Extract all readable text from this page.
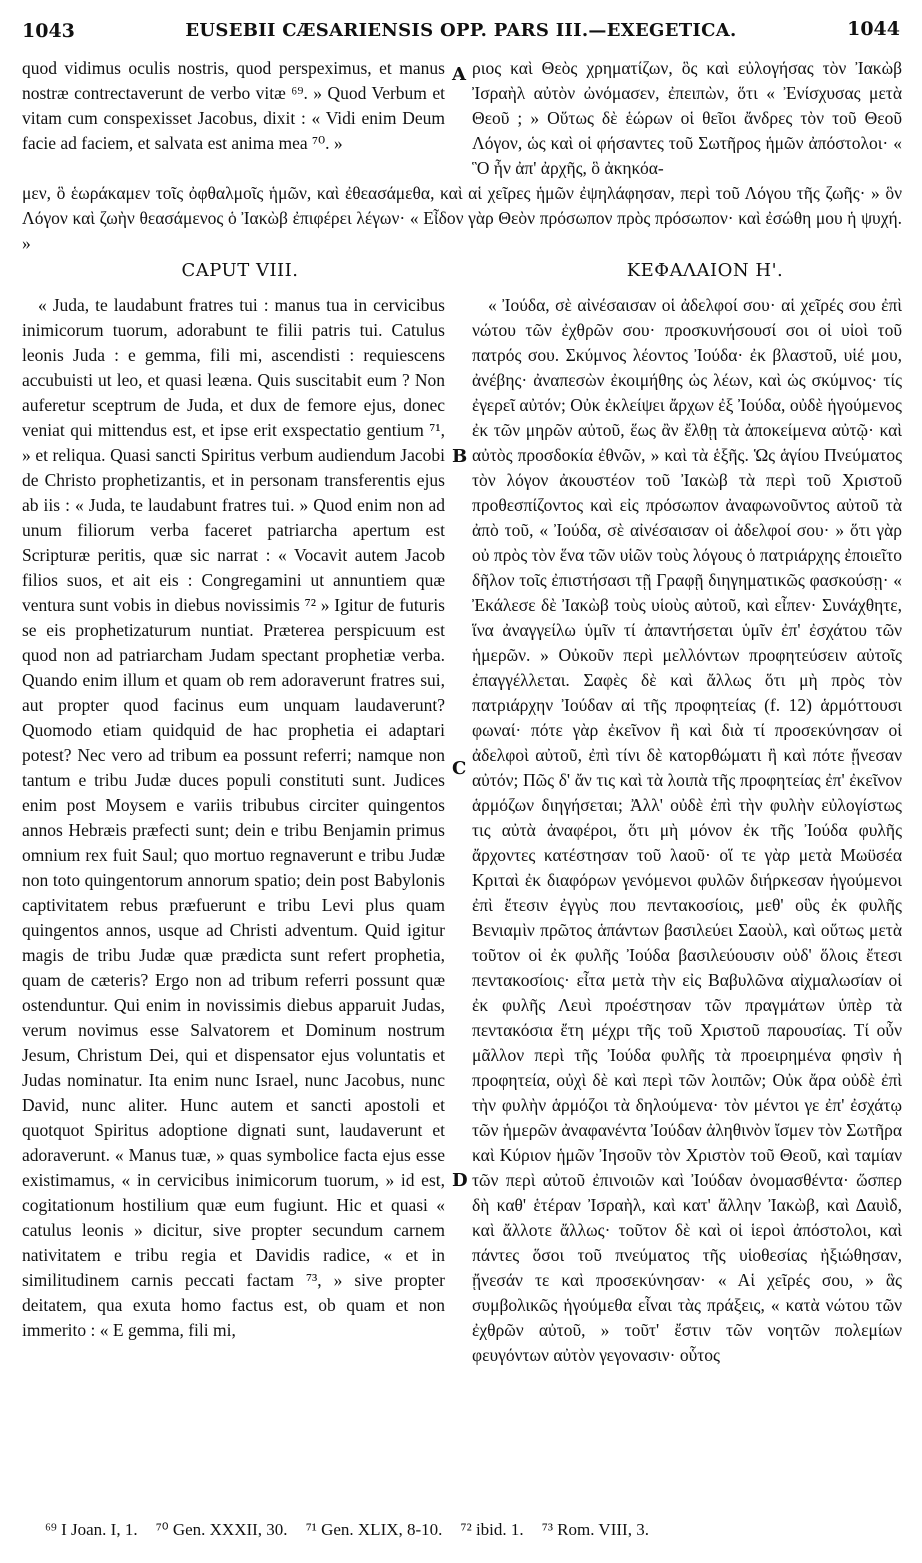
1043	EUSEBII CÆSARIENSIS OPP. PARS III.—EXEGETICA.	1044

quod vidimus oculis nostris, quod perspeximus, et manus nostræ contrectaverunt de verbo vitæ ⁶⁹. » Quod Verbum et vitam cum conspexisset Jacobus, dixit : « Vidi enim Deum facie ad faciem, et salvata est anima mea ⁷⁰. »

ριος καὶ Θεὸς χρηματίζων, ὃς καὶ εὐλογήσας τὸν Ἰακὼβ Ἰσραὴλ αὐτὸν ὠνόμασεν, ἐπειπὼν, ὅτι « Ἐνίσχυσας μετὰ Θεοῦ ; » Οὕτως δὲ ἑώρων οἱ θεῖοι ἄνδρες τὸν τοῦ Θεοῦ Λόγον, ὡς καὶ οἱ φήσαντες τοῦ Σωτῆρος ἡμῶν ἀπόστολοι· « Ὃ ἦν ἀπ' ἀρχῆς, ὃ ἀκηκόα-

μεν, ὃ ἑωράκαμεν τοῖς ὀφθαλμοῖς ἡμῶν, καὶ ἐθεασάμεθα, καὶ αἱ χεῖρες ἡμῶν ἐψηλάφησαν, περὶ τοῦ Λόγου τῆς ζωῆς· » ὃν Λόγον καὶ ζωὴν θεασάμενος ὁ Ἰακὼβ ἐπιφέρει λέγων· « Εἶδον γὰρ Θεὸν πρόσωπον πρὸς πρόσωπον· καὶ ἐσώθη μου ἡ ψυχή. »
CAPUT VIII.	ΚΕΦΑΛΑΙΟΝ Η'.

« Juda, te laudabunt fratres tui : manus tua in cervicibus inimicorum tuorum, adorabunt te filii patris tui. Catulus leonis Juda : e gemma, fili mi, ascendisti : requiescens accubuisti ut leo, et quasi leæna. Quis suscitabit eum ? Non auferetur sceptrum de Juda, et dux de femore ejus, donec veniat qui mittendus est, et ipse erit exspectatio gentium ⁷¹, » et reliqua. Quasi sancti Spiritus verbum audiendum Jacobi de Christo prophetizantis, et in personam transferentis ejus ab iis : « Juda, te laudabunt fratres tui. » Quod enim non ad unum filiorum verba faceret patriarcha apertum est Scripturæ peritis, quæ sic narrat : « Vocavit autem Jacob filios suos, et ait eis : Congregamini ut annuntiem quæ ventura sunt vobis in diebus novissimis ⁷² » Igitur de futuris se eis prophetizaturum nuntiat. Præterea perspicuum est quod non ad patriarcham Judam spectant prophetiæ verba. Quando enim illum et quam ob rem adoraverunt fratres sui, aut propter quod facinus eum unquam laudaverunt? Quomodo etiam quidquid de hac prophetia ei adaptari potest? Nec vero ad tribum ea possunt referri; namque non tantum e tribu Judæ duces populi constituti sunt. Judices enim post Moysem e variis tribubus circiter quingentos annos Hebræis præfecti sunt; dein e tribu Benjamin primus omnium rex fuit Saul; quo mortuo regnaverunt e tribu Judæ non toto quingentorum annorum spatio; dein post Babylonis captivitatem rebus præfuerunt e tribu Levi plus quam quingentos annos, usque ad Christi adventum. Quid igitur magis de tribu Judæ quæ prædicta sunt refert prophetia, quam de cæteris? Ergo non ad tribum referri possunt quæ ostenduntur. Qui enim in novissimis diebus apparuit Judas, verum novimus esse Salvatorem et Dominum nostrum Jesum, Christum Dei, qui et dispensator ejus voluntatis et Judas nominatur. Ita enim nunc Israel, nunc Jacobus, nunc David, nunc aliter. Hunc autem et sancti apostoli et quotquot Spiritus adoptione dignati sunt, laudaverunt et adoraverunt. « Manus tuæ, » quas symbolice facta ejus esse existimamus, « in cervicibus inimicorum tuorum, » id est, cogitationum hostilium quæ eum fugiunt. Hic et quasi « catulus leonis » dicitur, sive propter secundum carnem nativitatem e tribu regia et Davidis radice, « et in similitudinem carnis peccati factam ⁷³, » sive propter deitatem, qua exuta homo factus est, ob quam et non immerito : « E gemma, fili mi,

« Ἰούδα, σὲ αἰνέσαισαν οἱ ἀδελφοί σου· αἱ χεῖρές σου ἐπὶ νώτου τῶν ἐχθρῶν σου· προσκυνήσουσί σοι οἱ υἱοὶ τοῦ πατρός σου. Σκύμνος λέοντος Ἰούδα· ἐκ βλαστοῦ, υἱέ μου, ἀνέβης· ἀναπεσὼν ἐκοιμήθης ὡς λέων, καὶ ὡς σκύμνος· τίς ἐγερεῖ αὐτόν; Οὐκ ἐκλείψει ἄρχων ἐξ Ἰούδα, οὐδὲ ἡγούμενος ἐκ τῶν μηρῶν αὐτοῦ, ἕως ἂν ἔλθῃ τὰ ἀποκείμενα αὐτῷ· καὶ αὐτὸς προσδοκία ἐθνῶν, » καὶ τὰ ἑξῆς. Ὡς ἁγίου Πνεύματος τὸν λόγον ἀκουστέον τοῦ Ἰακὼβ τὰ περὶ τοῦ Χριστοῦ προθεσπίζοντος καὶ εἰς πρόσωπον ἀναφωνοῦντος αὐτοῦ τὰ ἀπὸ τοῦ, « Ἰούδα, σὲ αἰνέσαισαν οἱ ἀδελφοί σου· » ὅτι γὰρ οὐ πρὸς τὸν ἕνα τῶν υἱῶν τοὺς λόγους ὁ πατριάρχης ἐποιεῖτο δῆλον τοῖς ἐπιστήσασι τῇ Γραφῇ διηγηματικῶς φασκούσῃ· « Ἐκάλεσε δὲ Ἰακὼβ τοὺς υἱοὺς αὐτοῦ, καὶ εἶπεν· Συνάχθητε, ἵνα ἀναγγείλω ὑμῖν τί ἀπαντήσεται ὑμῖν ἐπ' ἐσχάτου τῶν ἡμερῶν. » Οὐκοῦν περὶ μελλόντων προφητεύσειν αὐτοῖς ἐπαγγέλλεται. Σαφὲς δὲ καὶ ἄλλως ὅτι μὴ πρὸς τὸν πατριάρχην Ἰούδαν αἱ τῆς προφητείας (f. 12) ἁρμόττουσι φωναί· πότε γὰρ ἐκεῖνον ἢ καὶ διὰ τί προσεκύνησαν οἱ ἀδελφοὶ αὐτοῦ, ἐπὶ τίνι δὲ κατορθώματι ἢ καὶ πότε ᾔνεσαν αὐτόν; Πῶς δ' ἄν τις καὶ τὰ λοιπὰ τῆς προφητείας ἐπ' ἐκεῖνον ἁρμόζων διηγήσεται; Ἀλλ' οὐδὲ ἐπὶ τὴν φυλὴν εὐλογίστως τις αὐτὰ ἀναφέροι, ὅτι μὴ μόνον ἐκ τῆς Ἰούδα φυλῆς ἄρχοντες κατέστησαν τοῦ λαοῦ· οἵ τε γὰρ μετὰ Μωϋσέα Κριταὶ ἐκ διαφόρων γενόμενοι φυλῶν διήρκεσαν ἡγούμενοι ἐπὶ ἔτεσιν ἐγγὺς που πεντακοσίοις, μεθ' οὓς ἐκ φυλῆς Βενιαμὶν πρῶτος ἁπάντων βασιλεύει Σαοὺλ, καὶ οὕτως μετὰ τοῦτον οἱ ἐκ φυλῆς Ἰούδα βασιλεύουσιν οὐδ' ὅλοις ἔτεσι πεντακοσίοις· εἶτα μετὰ τὴν εἰς Βαβυλῶνα αἰχμαλωσίαν οἱ ἐκ φυλῆς Λευὶ προέστησαν τῶν πραγμάτων ὑπὲρ τὰ πεντακόσια ἔτη μέχρι τῆς τοῦ Χριστοῦ παρουσίας. Τί οὖν μᾶλλον περὶ τῆς Ἰούδα φυλῆς τὰ προειρημένα φησὶν ἡ προφητεία, οὐχὶ δὲ καὶ περὶ τῶν λοιπῶν; Οὐκ ἄρα οὐδὲ ἐπὶ τὴν φυλὴν ἁρμόζοι τὰ δηλούμενα· τὸν μέντοι γε ἐπ' ἐσχάτῳ τῶν ἡμερῶν ἀναφανέντα Ἰούδαν ἀληθινὸν ἴσμεν τὸν Σωτῆρα καὶ Κύριον ἡμῶν Ἰησοῦν τὸν Χριστὸν τοῦ Θεοῦ, καὶ ταμίαν τῶν περὶ αὐτοῦ ἐπινοιῶν καὶ Ἰούδαν ὀνομασθέντα· ὥσπερ δὴ καθ' ἑτέραν Ἰσραὴλ, καὶ κατ' ἄλλην Ἰακὼβ, καὶ Δαυὶδ, καὶ ἄλλοτε ἄλλως· τοῦτον δὲ καὶ οἱ ἱεροὶ ἀπόστολοι, καὶ πάντες ὅσοι τοῦ πνεύματος τῆς υἱοθεσίας ἠξιώθησαν, ᾔνεσάν τε καὶ προσεκύνησαν· « Αἱ χεῖρές σου, » ἃς συμβολικῶς ἡγούμεθα εἶναι τὰς πράξεις, « κατὰ νώτου τῶν ἐχθρῶν αὐτοῦ, » τοῦτ' ἔστιν τῶν νοητῶν πολεμίων φευγόντων αὐτὸν γεγονασιν· οὗτος

A
B
C
D
⁶⁹ I Joan. I, 1. ⁷⁰ Gen. XXXII, 30. ⁷¹ Gen. XLIX, 8-10. ⁷² ibid. 1. ⁷³ Rom. VIII, 3.
